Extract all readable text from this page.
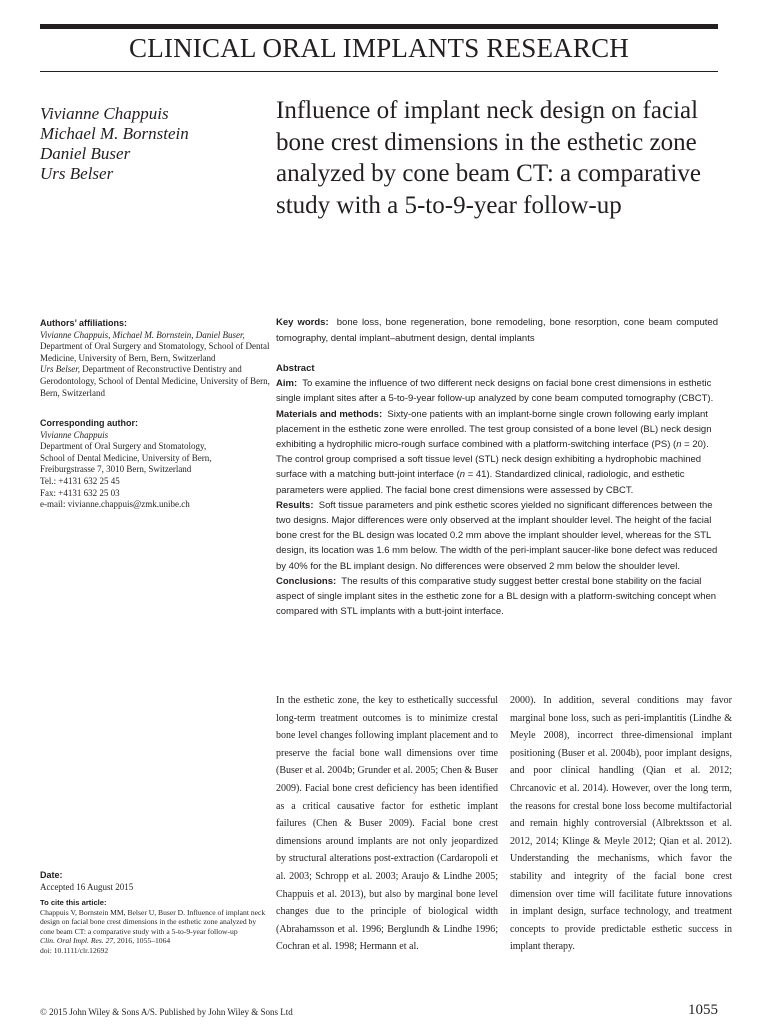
CLINICAL ORAL IMPLANTS RESEARCH
Vivianne Chappuis
Michael M. Bornstein
Daniel Buser
Urs Belser
Influence of implant neck design on facial bone crest dimensions in the esthetic zone analyzed by cone beam CT: a comparative study with a 5-to-9-year follow-up
Authors’ affiliations:
Vivianne Chappuis, Michael M. Bornstein, Daniel Buser, Department of Oral Surgery and Stomatology, School of Dental Medicine, University of Bern, Bern, Switzerland
Urs Belser, Department of Reconstructive Dentistry and Gerodontology, School of Dental Medicine, University of Bern, Bern, Switzerland
Corresponding author:
Vivianne Chappuis
Department of Oral Surgery and Stomatology,
School of Dental Medicine, University of Bern,
Freiburgstrasse 7, 3010 Bern, Switzerland
Tel.: +4131 632 25 45
Fax: +4131 632 25 03
e-mail: vivianne.chappuis@zmk.unibe.ch
Date:
Accepted 16 August 2015
To cite this article:
Chappuis V, Bornstein MM, Belser U, Buser D. Influence of implant neck design on facial bone crest dimensions in the esthetic zone analyzed by cone beam CT: a comparative study with a 5-to-9-year follow-up
Clin. Oral Impl. Res. 27, 2016, 1055–1064
doi: 10.1111/clr.12692
Key words: bone loss, bone regeneration, bone remodeling, bone resorption, cone beam computed tomography, dental implant–abutment design, dental implants
Abstract
Aim: To examine the influence of two different neck designs on facial bone crest dimensions in esthetic single implant sites after a 5-to-9-year follow-up analyzed by cone beam computed tomography (CBCT).
Materials and methods: Sixty-one patients with an implant-borne single crown following early implant placement in the esthetic zone were enrolled. The test group consisted of a bone level (BL) neck design exhibiting a hydrophilic micro-rough surface combined with a platform-switching interface (PS) (n = 20). The control group comprised a soft tissue level (STL) neck design exhibiting a hydrophobic machined surface with a matching butt-joint interface (n = 41). Standardized clinical, radiologic, and esthetic parameters were applied. The facial bone crest dimensions were assessed by CBCT.
Results: Soft tissue parameters and pink esthetic scores yielded no significant differences between the two designs. Major differences were only observed at the implant shoulder level. The height of the facial bone crest for the BL design was located 0.2 mm above the implant shoulder level, whereas for the STL design, its location was 1.6 mm below. The width of the peri-implant saucer-like bone defect was reduced by 40% for the BL implant design. No differences were observed 2 mm below the shoulder level.
Conclusions: The results of this comparative study suggest better crestal bone stability on the facial aspect of single implant sites in the esthetic zone for a BL design with a platform-switching concept when compared with STL implants with a butt-joint interface.
In the esthetic zone, the key to esthetically successful long-term treatment outcomes is to minimize crestal bone level changes following implant placement and to preserve the facial bone wall dimensions over time (Buser et al. 2004b; Grunder et al. 2005; Chen & Buser 2009). Facial bone crest deficiency has been identified as a critical causative factor for esthetic implant failures (Chen & Buser 2009). Facial bone crest dimensions around implants are not only jeopardized by structural alterations post-extraction (Cardaropoli et al. 2003; Schropp et al. 2003; Araujo & Lindhe 2005; Chappuis et al. 2013), but also by marginal bone level changes due to the principle of biological width (Abrahamsson et al. 1996; Berglundh & Lindhe 1996; Cochran et al. 1998; Hermann et al.
2000). In addition, several conditions may favor marginal bone loss, such as peri-implantitis (Lindhe & Meyle 2008), incorrect three-dimensional implant positioning (Buser et al. 2004b), poor implant designs, and poor clinical handling (Qian et al. 2012; Chrcanovic et al. 2014). However, over the long term, the reasons for crestal bone loss become multifactorial and remain highly controversial (Albrektsson et al. 2012, 2014; Klinge & Meyle 2012; Qian et al. 2012). Understanding the mechanisms, which favor the stability and integrity of the facial bone crest dimension over time will facilitate future innovations in implant design, surface technology, and treatment concepts to provide predictable esthetic success in implant therapy.
© 2015 John Wiley & Sons A/S. Published by John Wiley & Sons Ltd	1055
